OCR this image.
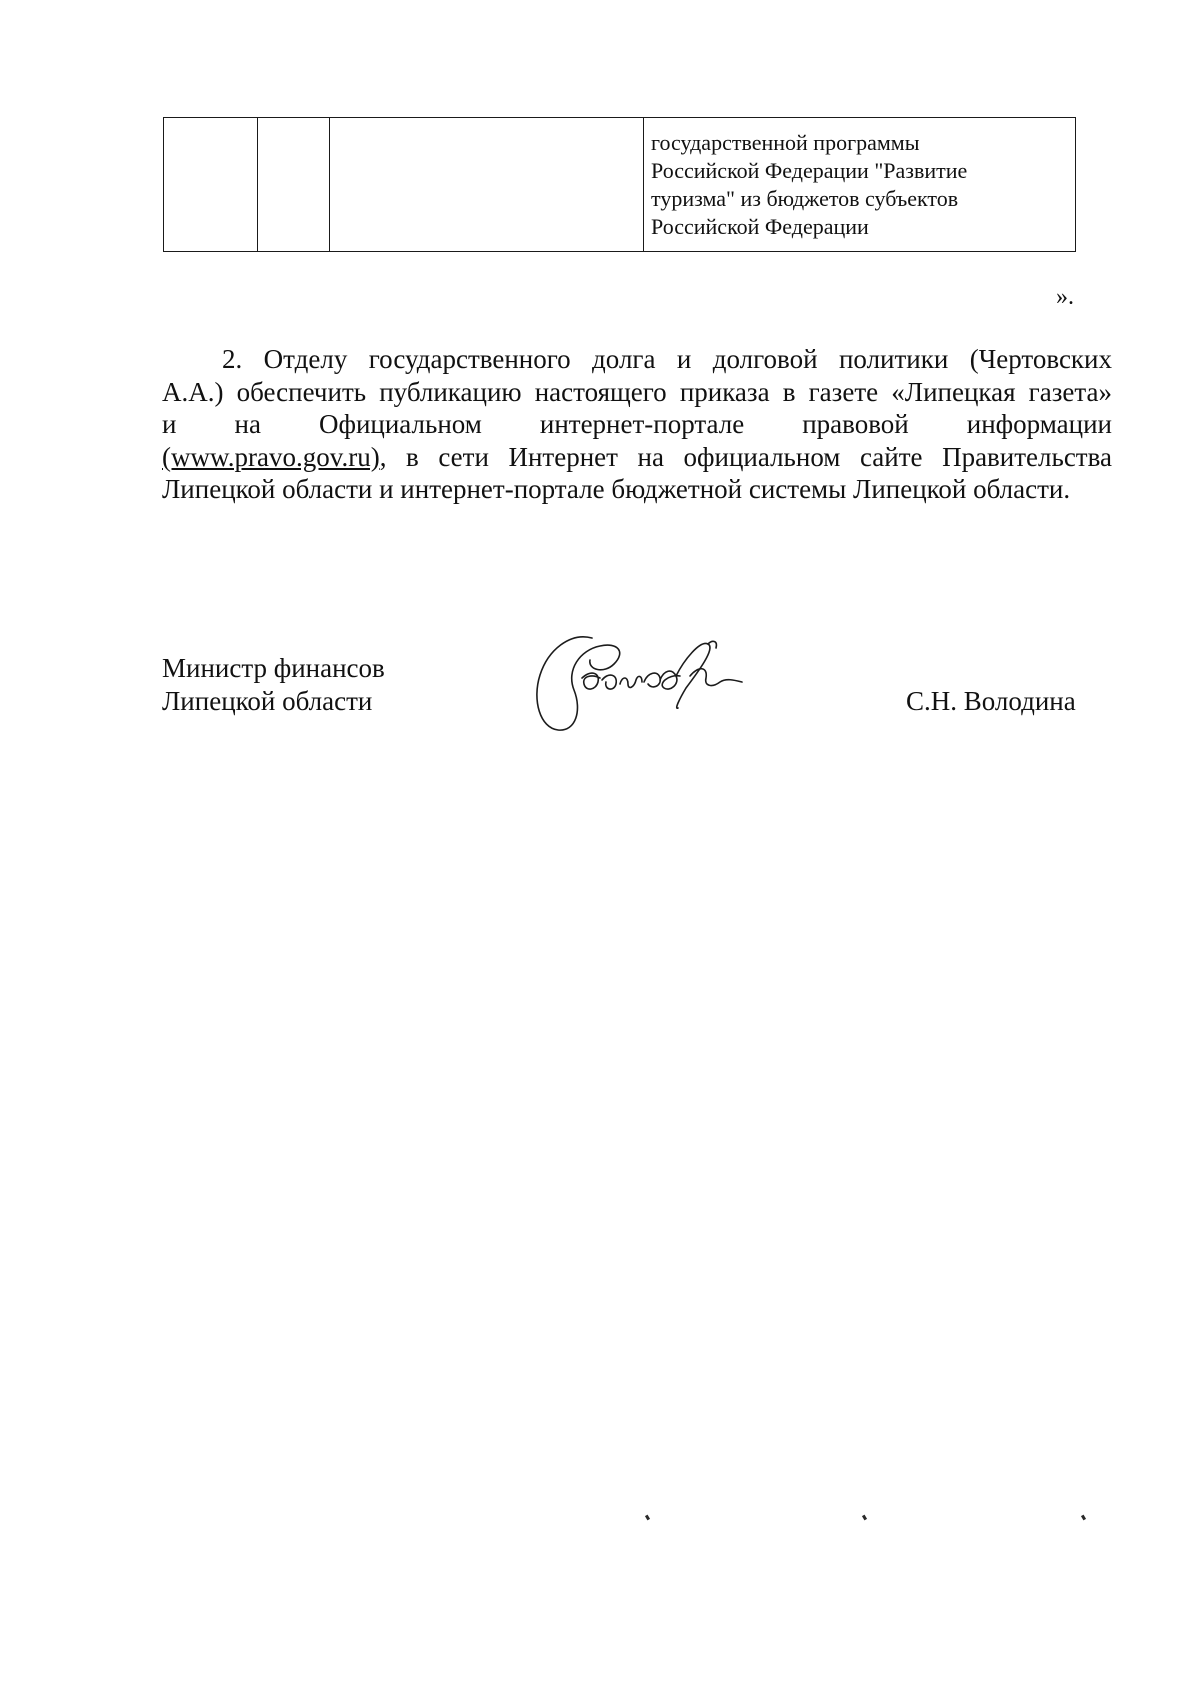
государственной программы
Российской Федерации "Развитие
туризма" из бюджетов субъектов
Российской Федерации
».
2. Отделу государственного долга и долговой политики (Чертовских
А.А.) обеспечить публикацию настоящего приказа в газете «Липецкая газета»
и на Официальном интернет-портале правовой информации
(www.pravo.gov.ru), в сети Интернет на официальном сайте Правительства
Липецкой области и интернет-портале бюджетной системы Липецкой области.
Министр финансов
Липецкой области	С.Н. Володина
